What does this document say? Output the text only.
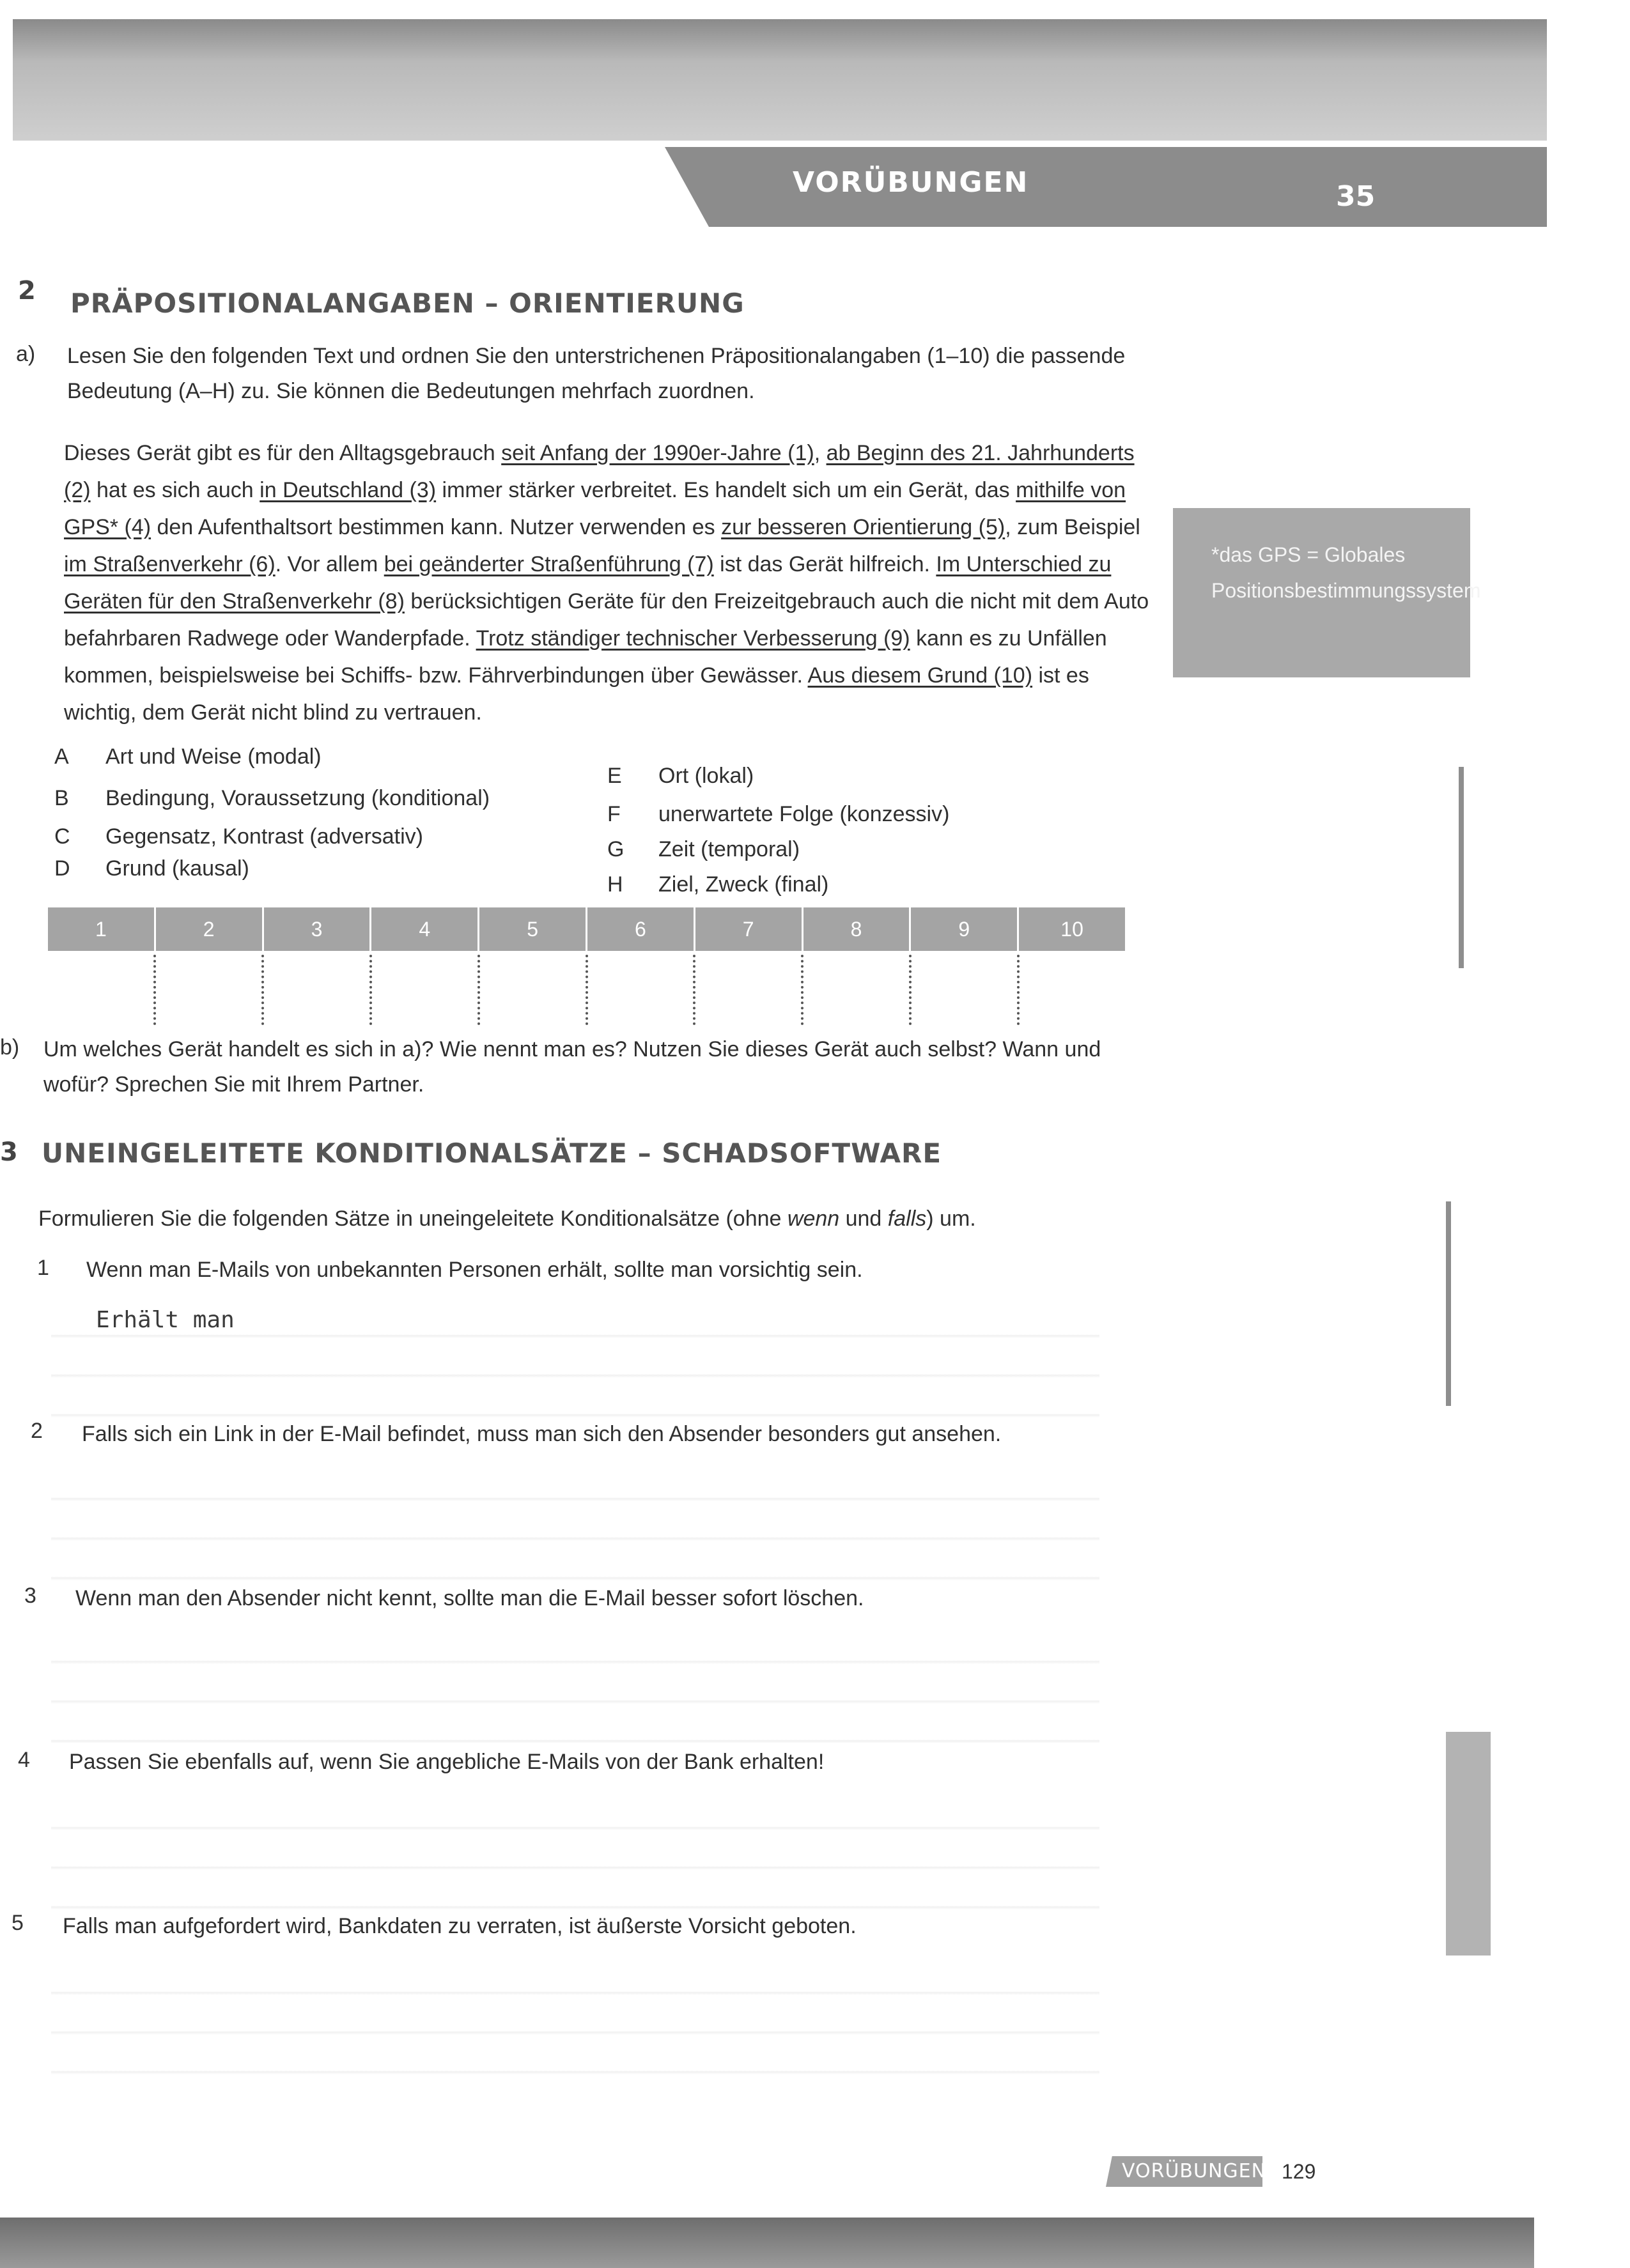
VORÜBUNGEN	35
2 PRÄPOSITIONALANGABEN – ORIENTIERUNG
a) Lesen Sie den folgenden Text und ordnen Sie den unterstrichenen Präpositionalangaben (1–10) die passende Bedeutung (A–H) zu. Sie können die Bedeutungen mehrfach zuordnen.
Dieses Gerät gibt es für den Alltagsgebrauch seit Anfang der 1990er-Jahre (1), ab Beginn des 21. Jahrhunderts (2) hat es sich auch in Deutschland (3) immer stärker verbreitet. Es handelt sich um ein Gerät, das mithilfe von GPS* (4) den Aufenthaltsort bestimmen kann. Nutzer verwenden es zur besseren Orientierung (5), zum Beispiel im Straßenverkehr (6). Vor allem bei geänderter Straßenführung (7) ist das Gerät hilfreich. Im Unterschied zu Geräten für den Straßenverkehr (8) berücksichtigen Geräte für den Freizeitgebrauch auch die nicht mit dem Auto befahrbaren Radwege oder Wanderpfade. Trotz ständiger technischer Verbesserung (9) kann es zu Unfällen kommen, beispielsweise bei Schiffs- bzw. Fährverbindungen über Gewässer. Aus diesem Grund (10) ist es wichtig, dem Gerät nicht blind zu vertrauen.
*das GPS = Globales Positionsbestimmungssystem
A Art und Weise (modal)
B Bedingung, Voraussetzung (konditional)
C Gegensatz, Kontrast (adversativ)
D Grund (kausal)
E Ort (lokal)
F unerwartete Folge (konzessiv)
G Zeit (temporal)
H Ziel, Zweck (final)
1	2	3	4	5	6	7	8	9	10
b) Um welches Gerät handelt es sich in a)? Wie nennt man es? Nutzen Sie dieses Gerät auch selbst? Wann und wofür? Sprechen Sie mit Ihrem Partner.
3 UNEINGELEITETE KONDITIONALSÄTZE – SCHADSOFTWARE
Formulieren Sie die folgenden Sätze in uneingeleitete Konditionalsätze (ohne wenn und falls) um.
1 Wenn man E-Mails von unbekannten Personen erhält, sollte man vorsichtig sein.
Erhält man
2 Falls sich ein Link in der E-Mail befindet, muss man sich den Absender besonders gut ansehen.
3 Wenn man den Absender nicht kennt, sollte man die E-Mail besser sofort löschen.
4 Passen Sie ebenfalls auf, wenn Sie angebliche E-Mails von der Bank erhalten!
5 Falls man aufgefordert wird, Bankdaten zu verraten, ist äußerste Vorsicht geboten.
VORÜBUNGEN 129
